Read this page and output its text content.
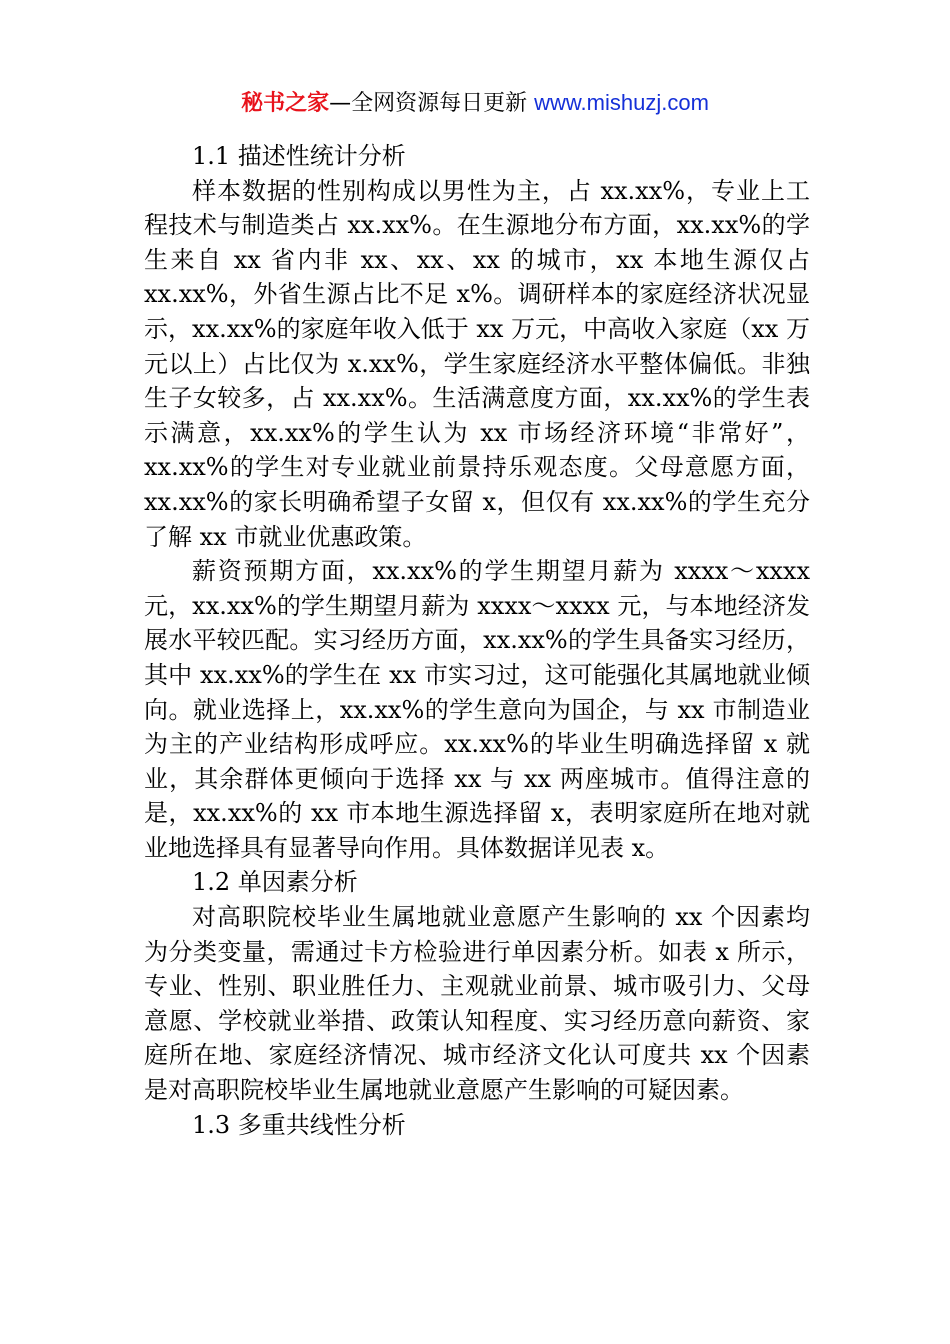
秘书之家—全网资源每日更新 www.mishuzj.com

1.1 描述性统计分析

样本数据的性别构成以男性为主，占 xx.xx%，专业上工程技术与制造类占 xx.xx%。在生源地分布方面，xx.xx%的学生来自 xx 省内非 xx、xx、xx 的城市，xx 本地生源仅占 xx.xx%，外省生源占比不足 x%。调研样本的家庭经济状况显示，xx.xx%的家庭年收入低于 xx 万元，中高收入家庭（xx 万元以上）占比仅为 x.xx%，学生家庭经济水平整体偏低。非独生子女较多，占 xx.xx%。生活满意度方面，xx.xx%的学生表示满意，xx.xx%的学生认为 xx 市场经济环境“非常好”，xx.xx%的学生对专业就业前景持乐观态度。父母意愿方面，xx.xx%的家长明确希望子女留 x，但仅有 xx.xx%的学生充分了解 xx 市就业优惠政策。

薪资预期方面，xx.xx%的学生期望月薪为 xxxx～xxxx 元，xx.xx%的学生期望月薪为 xxxx～xxxx 元，与本地经济发展水平较匹配。实习经历方面，xx.xx%的学生具备实习经历，其中 xx.xx%的学生在 xx 市实习过，这可能强化其属地就业倾向。就业选择上，xx.xx%的学生意向为国企，与 xx 市制造业为主的产业结构形成呼应。xx.xx%的毕业生明确选择留 x 就业，其余群体更倾向于选择 xx 与 xx 两座城市。值得注意的是，xx.xx%的 xx 市本地生源选择留 x，表明家庭所在地对就业地选择具有显著导向作用。具体数据详见表 x。

1.2 单因素分析

对高职院校毕业生属地就业意愿产生影响的 xx 个因素均为分类变量，需通过卡方检验进行单因素分析。如表 x 所示，专业、性别、职业胜任力、主观就业前景、城市吸引力、父母意愿、学校就业举措、政策认知程度、实习经历意向薪资、家庭所在地、家庭经济情况、城市经济文化认可度共 xx 个因素是对高职院校毕业生属地就业意愿产生影响的可疑因素。

1.3 多重共线性分析
